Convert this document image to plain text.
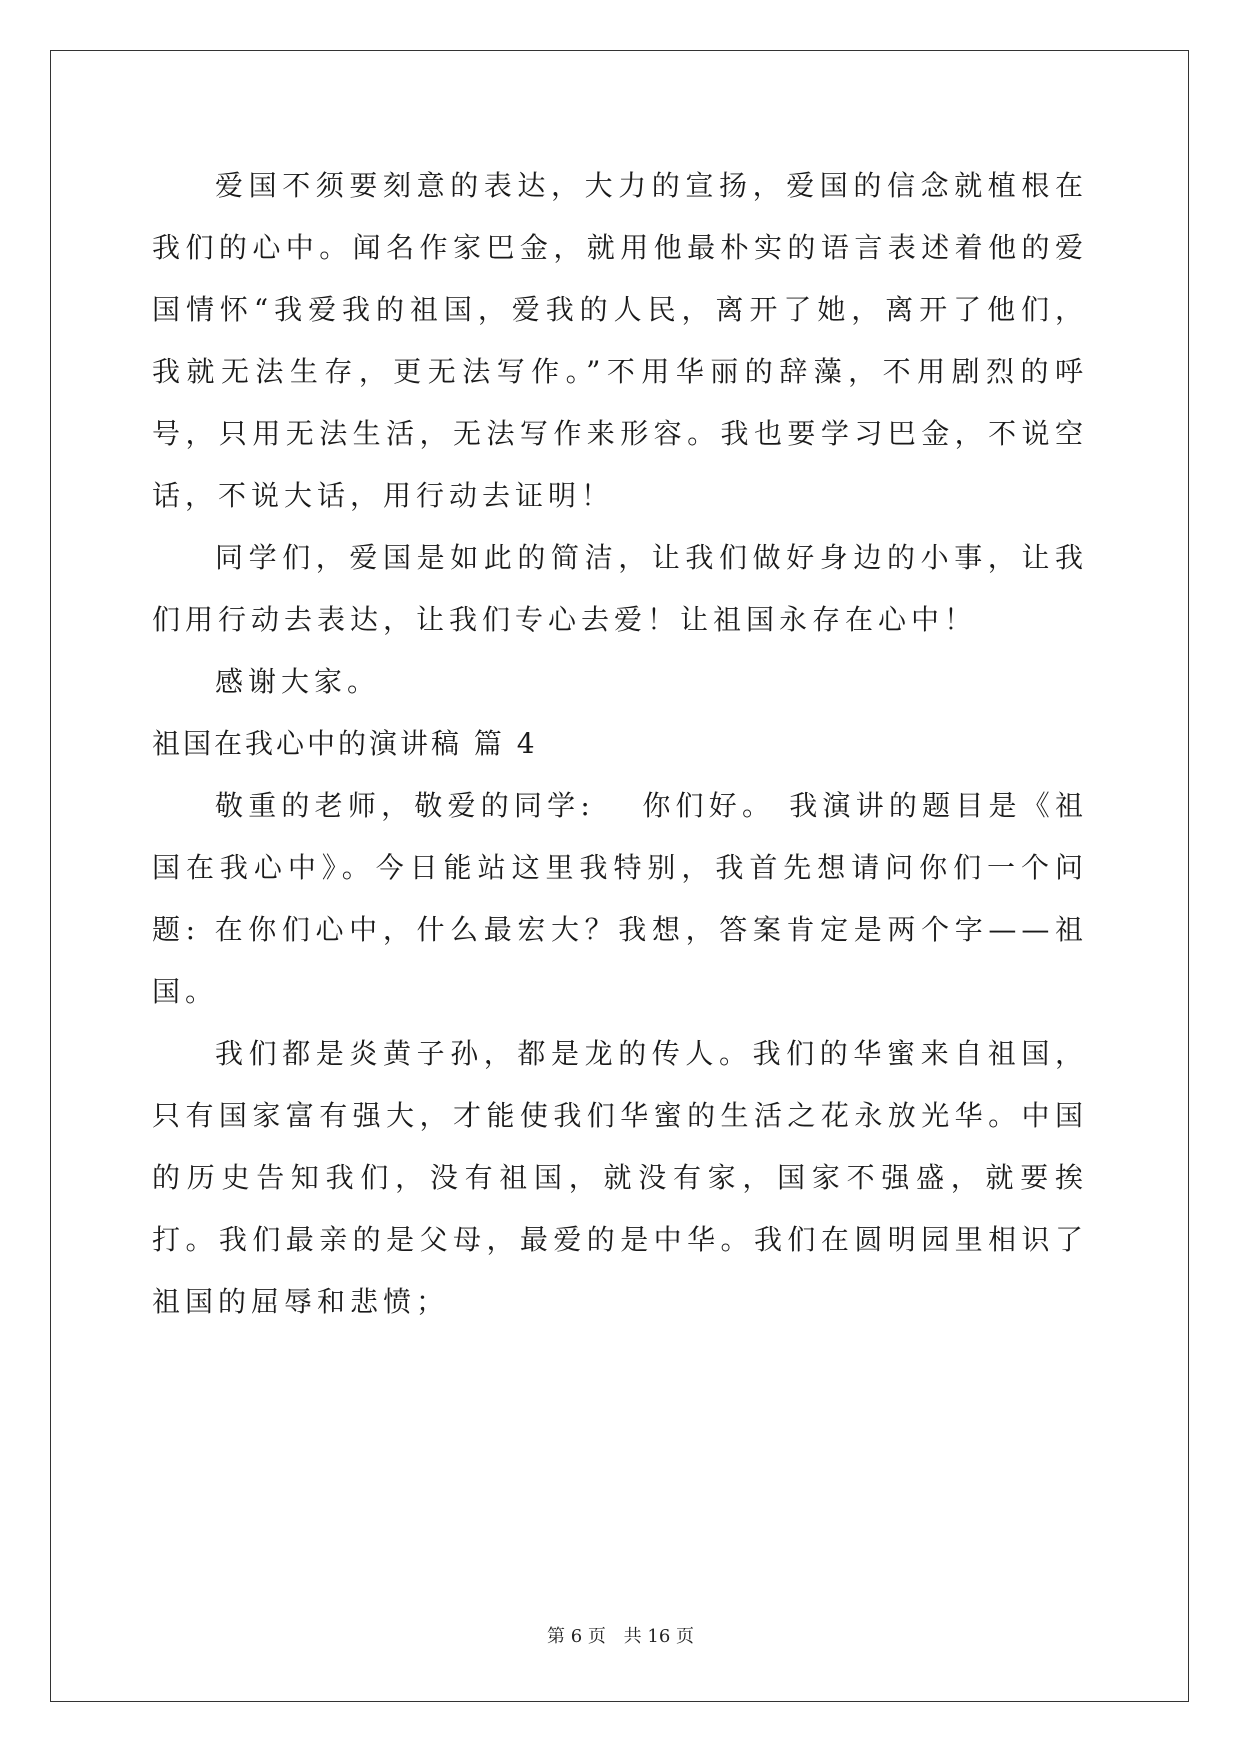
爱国不须要刻意的表达，大力的宣扬，爱国的信念就植根在我们的心中。闻名作家巴金，就用他最朴实的语言表述着他的爱国情怀“我爱我的祖国，爱我的人民，离开了她，离开了他们，我就无法生存，更无法写作。”不用华丽的辞藻，不用剧烈的呼号，只用无法生活，无法写作来形容。我也要学习巴金，不说空话，不说大话，用行动去证明！

同学们，爱国是如此的简洁，让我们做好身边的小事，让我们用行动去表达，让我们专心去爱！让祖国永存在心中！

感谢大家。

祖国在我心中的演讲稿 篇 4

敬重的老师，敬爱的同学:　 你们好。 我演讲的题目是《祖国在我心中》。今日能站这里我特别，我首先想请问你们一个问题: 在你们心中，什么最宏大？我想，答案肯定是两个字——祖国。

我们都是炎黄子孙，都是龙的传人。我们的华蜜来自祖国，只有国家富有强大，才能使我们华蜜的生活之花永放光华。中国的历史告知我们，没有祖国，就没有家，国家不强盛，就要挨打。我们最亲的是父母，最爱的是中华。我们在圆明园里相识了祖国的屈辱和悲愤；

第 6 页 共 16 页
